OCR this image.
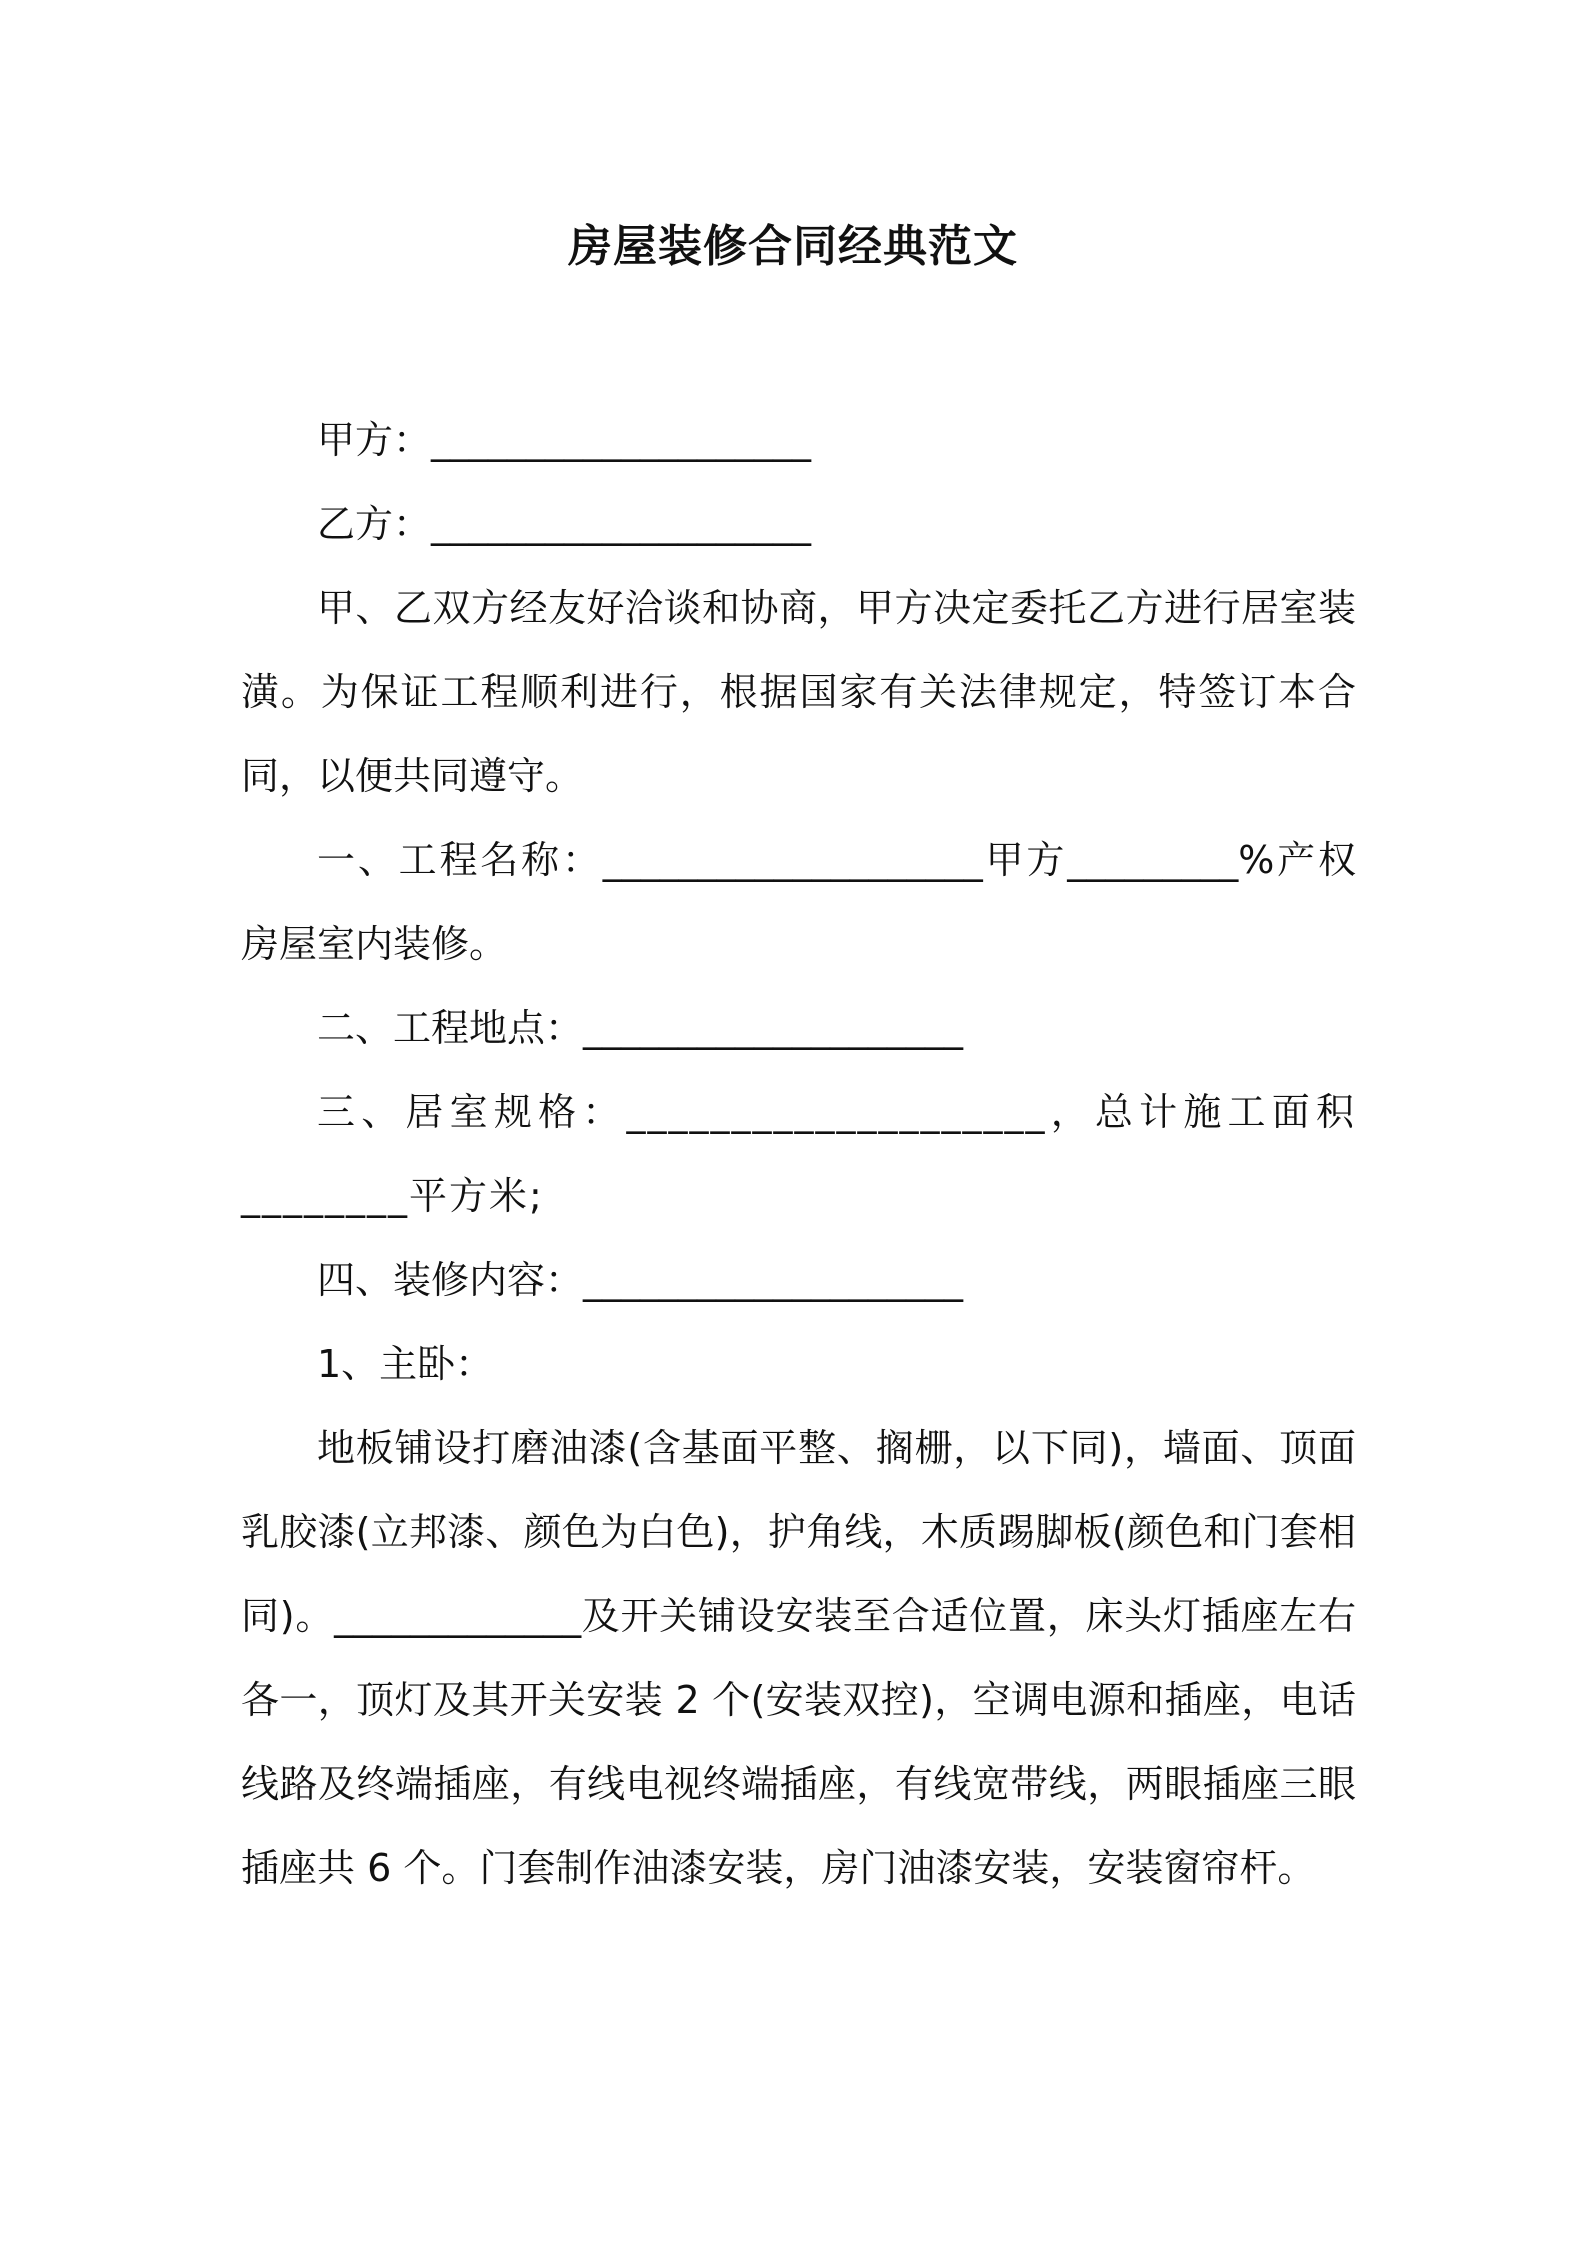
房屋装修合同经典范文

甲方：____________________

乙方：____________________

甲、乙双方经友好洽谈和协商，甲方决定委托乙方进行居室装潢。为保证工程顺利进行，根据国家有关法律规定，特签订本合同，以便共同遵守。

一、工程名称：____________________甲方_________%产权房屋室内装修。

二、工程地点：____________________

三、居室规格：____________________，总计施工面积________平方米;

四、装修内容：____________________

1、主卧：

地板铺设打磨油漆(含基面平整、搁栅，以下同)，墙面、顶面乳胶漆(立邦漆、颜色为白色)，护角线，木质踢脚板(颜色和门套相同)。_____________及开关铺设安装至合适位置，床头灯插座左右各一，顶灯及其开关安装 2 个(安装双控)，空调电源和插座，电话线路及终端插座，有线电视终端插座，有线宽带线，两眼插座三眼插座共 6 个。门套制作油漆安装，房门油漆安装，安装窗帘杆。
